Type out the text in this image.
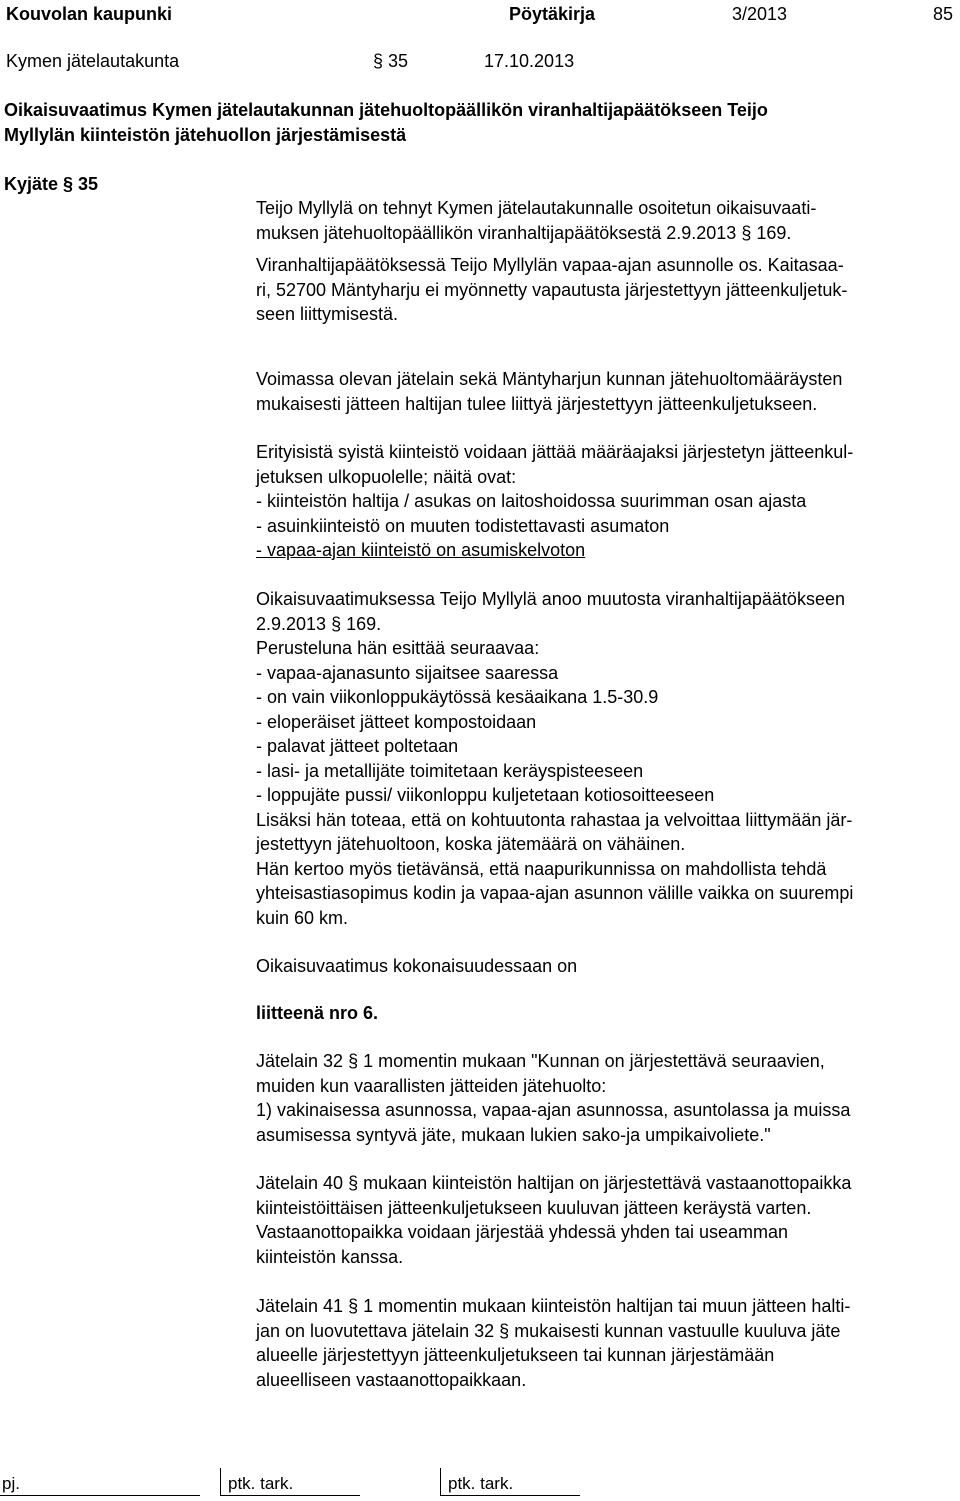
Kouvolan kaupunki	Pöytäkirja	3/2013	85
Kymen jätelautakunta	§ 35	17.10.2013
Oikaisuvaatimus Kymen jätelautakunnan jätehuoltopäällikön viranhaltijapäätökseen Teijo
Myllylän kiinteistön jätehuollon järjestämisestä
Kyjäte § 35
Teijo Myllylä on tehnyt Kymen jätelautakunnalle osoitetun oikaisuvaati-
muksen jätehuoltopäällikön viranhaltijapäätöksestä 2.9.2013 § 169.
Viranhaltijapäätöksessä Teijo Myllylän vapaa-ajan asunnolle os. Kaitasaa-
ri, 52700 Mäntyharju ei myönnetty vapautusta järjestettyyn jätteenkuljetuk-
seen liittymisestä.
Voimassa olevan jätelain sekä Mäntyharjun kunnan jätehuoltomääräysten
mukaisesti jätteen haltijan tulee liittyä järjestettyyn jätteenkuljetukseen.
Erityisistä syistä kiinteistö voidaan jättää määräajaksi järjestetyn jätteenkul-
jetuksen ulkopuolelle; näitä ovat:
- kiinteistön haltija / asukas on laitoshoidossa suurimman osan ajasta
- asuinkiinteistö on muuten todistettavasti asumaton
- vapaa-ajan kiinteistö on asumiskelvoton
Oikaisuvaatimuksessa Teijo Myllylä anoo muutosta viranhaltijapäätökseen
2.9.2013 § 169.
Perusteluna hän esittää seuraavaa:
- vapaa-ajanasunto sijaitsee saaressa
- on vain viikonloppukäytössä kesäaikana 1.5-30.9
- eloperäiset jätteet kompostoidaan
- palavat jätteet poltetaan
- lasi- ja metallijäte toimitetaan keräyspisteeseen
- loppujäte pussi/ viikonloppu kuljetetaan kotiosoitteeseen
Lisäksi hän toteaa, että on kohtuutonta rahastaa ja velvoittaa liittymään jär-
jestettyyn jätehuoltoon, koska jätemäärä on vähäinen.
Hän kertoo myös tietävänsä, että naapurikunnissa on mahdollista tehdä
yhteisastiasopimus kodin ja vapaa-ajan asunnon välille vaikka on suurempi
kuin 60 km.
Oikaisuvaatimus kokonaisuudessaan on
liitteenä nro 6.
Jätelain 32 § 1 momentin mukaan "Kunnan on järjestettävä seuraavien,
muiden kun vaarallisten jätteiden jätehuolto:
1) vakinaisessa asunnossa, vapaa-ajan asunnossa, asuntolassa ja muissa
asumisessa syntyvä jäte, mukaan lukien sako-ja umpikaivoliete."
Jätelain 40 § mukaan kiinteistön haltijan on järjestettävä vastaanottopaikka
kiinteistöittäisen jätteenkuljetukseen kuuluvan jätteen keräystä varten.
Vastaanottopaikka voidaan järjestää yhdessä yhden tai useamman
kiinteistön kanssa.
Jätelain 41 § 1 momentin mukaan kiinteistön haltijan tai muun jätteen halti-
jan on luovutettava jätelain 32 § mukaisesti kunnan vastuulle kuuluva jäte
alueelle järjestettyyn jätteenkuljetukseen tai kunnan järjestämään
alueelliseen vastaanottopaikkaan.
pj.	ptk. tark.	ptk. tark.
